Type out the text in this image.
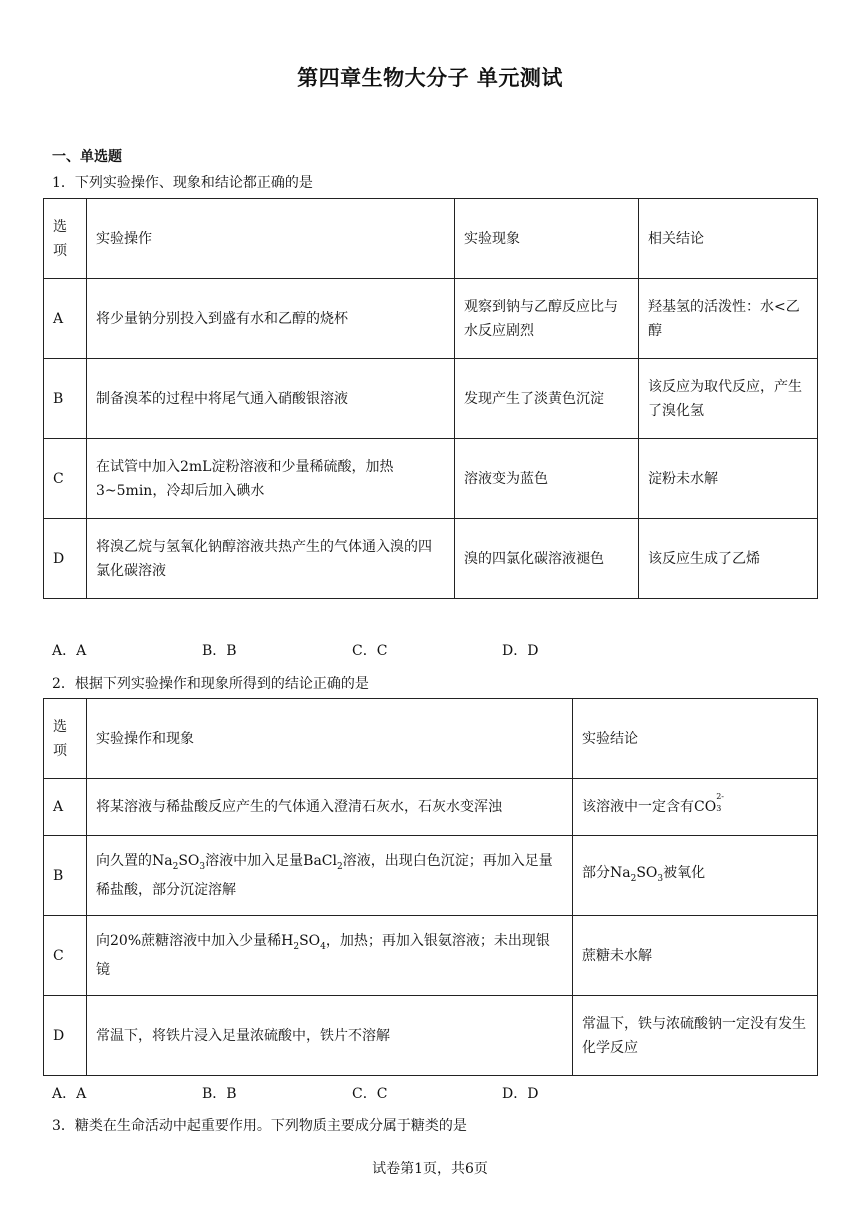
第四章生物大分子 单元测试
一、单选题
1．下列实验操作、现象和结论都正确的是
选项	实验操作	实验现象	相关结论
A	将少量钠分别投入到盛有水和乙醇的烧杯	观察到钠与乙醇反应比与水反应剧烈	羟基氢的活泼性：水<乙醇
B	制备溴苯的过程中将尾气通入硝酸银溶液	发现产生了淡黄色沉淀	该反应为取代反应，产生了溴化氢
C	在试管中加入2mL淀粉溶液和少量稀硫酸，加热3~5min，冷却后加入碘水	溶液变为蓝色	淀粉未水解
D	将溴乙烷与氢氧化钠醇溶液共热产生的气体通入溴的四氯化碳溶液	溴的四氯化碳溶液褪色	该反应生成了乙烯
A．A	B．B	C．C	D．D
2．根据下列实验操作和现象所得到的结论正确的是
选项	实验操作和现象	实验结论
A	将某溶液与稀盐酸反应产生的气体通入澄清石灰水，石灰水变浑浊	该溶液中一定含有CO
2-
3

B	向久置的$Na_2SO_3$溶液中加入足量BaCl$_2$溶液，出现白色沉淀；再加入足量稀盐酸，部分沉淀溶解	部分$Na_2SO_3$被氧化
C	向20%蔗糖溶液中加入少量稀$H_2SO_4$，加热；再加入银氨溶液；未出现银镜	蔗糖未水解
D	常温下，将铁片浸入足量浓硫酸中，铁片不溶解	常温下，铁与浓硫酸钠一定没有发生化学反应
A．A	B．B	C．C	D．D
3．糖类在生命活动中起重要作用。下列物质主要成分属于糖类的是
试卷第1页，共6页
